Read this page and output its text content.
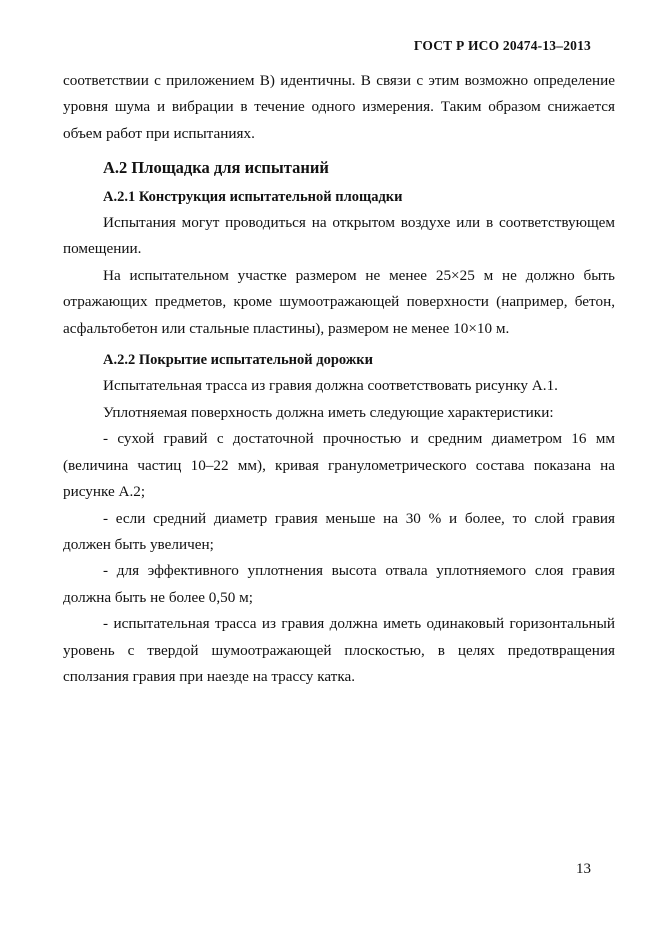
ГОСТ Р ИСО 20474-13–2013

соответствии с приложением В) идентичны. В связи с этим возможно определение уровня шума и вибрации в течение одного измерения. Таким образом снижается объем работ при испытаниях.

А.2 Площадка для испытаний
А.2.1 Конструкция испытательной площадки

Испытания могут проводиться на открытом воздухе или в соответствующем помещении.

На испытательном участке размером не менее 25×25 м не должно быть отражающих предметов, кроме шумоотражающей поверхности (например, бетон, асфальтобетон или стальные пластины), размером не менее 10×10 м.

А.2.2 Покрытие испытательной дорожки

Испытательная трасса из гравия должна соответствовать рисунку А.1.

Уплотняемая поверхность должна иметь следующие характеристики:

- сухой гравий с достаточной прочностью и средним диаметром 16 мм (величина частиц 10–22 мм), кривая гранулометрического состава показана на рисунке А.2;

- если средний диаметр гравия меньше на 30 % и более, то слой гравия должен быть увеличен;

- для эффективного уплотнения высота отвала уплотняемого слоя гравия должна быть не более 0,50 м;

- испытательная трасса из гравия должна иметь одинаковый горизонтальный уровень с твердой шумоотражающей плоскостью, в целях предотвращения сползания гравия при наезде на трассу катка.

13
